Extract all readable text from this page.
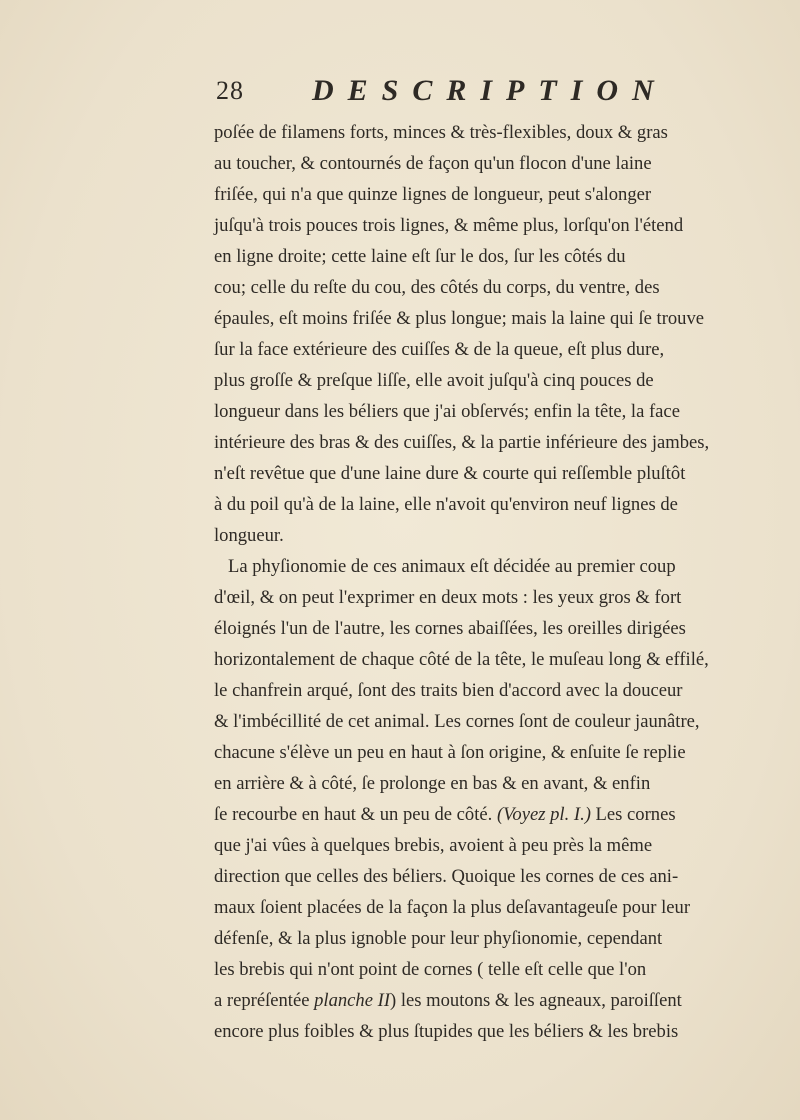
28 DESCRIPTION
poſée de filamens forts, minces & très-flexibles, doux & gras
au toucher, & contournés de façon qu'un flocon d'une laine
friſée, qui n'a que quinze lignes de longueur, peut s'alonger
juſqu'à trois pouces trois lignes, & même plus, lorſqu'on l'étend
en ligne droite; cette laine eſt ſur le dos, ſur les côtés du
cou; celle du reſte du cou, des côtés du corps, du ventre, des
épaules, eſt moins friſée & plus longue; mais la laine qui ſe trouve
ſur la face extérieure des cuiſſes & de la queue, eſt plus dure,
plus groſſe & preſque liſſe, elle avoit juſqu'à cinq pouces de
longueur dans les béliers que j'ai obſervés; enfin la tête, la face
intérieure des bras & des cuiſſes, & la partie inférieure des jambes,
n'eſt revêtue que d'une laine dure & courte qui reſſemble pluſtôt
à du poil qu'à de la laine, elle n'avoit qu'environ neuf lignes de
longueur.
La phyſionomie de ces animaux eſt décidée au premier coup
d'œil, & on peut l'exprimer en deux mots : les yeux gros & fort
éloignés l'un de l'autre, les cornes abaiſſées, les oreilles dirigées
horizontalement de chaque côté de la tête, le muſeau long & effilé,
le chanfrein arqué, ſont des traits bien d'accord avec la douceur
& l'imbécillité de cet animal. Les cornes ſont de couleur jaunâtre,
chacune s'élève un peu en haut à ſon origine, & enſuite ſe replie
en arrière & à côté, ſe prolonge en bas & en avant, & enfin
ſe recourbe en haut & un peu de côté. (Voyez pl. I.) Les cornes
que j'ai vûes à quelques brebis, avoient à peu près la même
direction que celles des béliers. Quoique les cornes de ces ani-
maux ſoient placées de la façon la plus deſavantageuſe pour leur
défenſe, & la plus ignoble pour leur phyſionomie, cependant
les brebis qui n'ont point de cornes ( telle eſt celle que l'on
a repréſentée planche II) les moutons & les agneaux, paroiſſent
encore plus foibles & plus ſtupides que les béliers & les brebis
